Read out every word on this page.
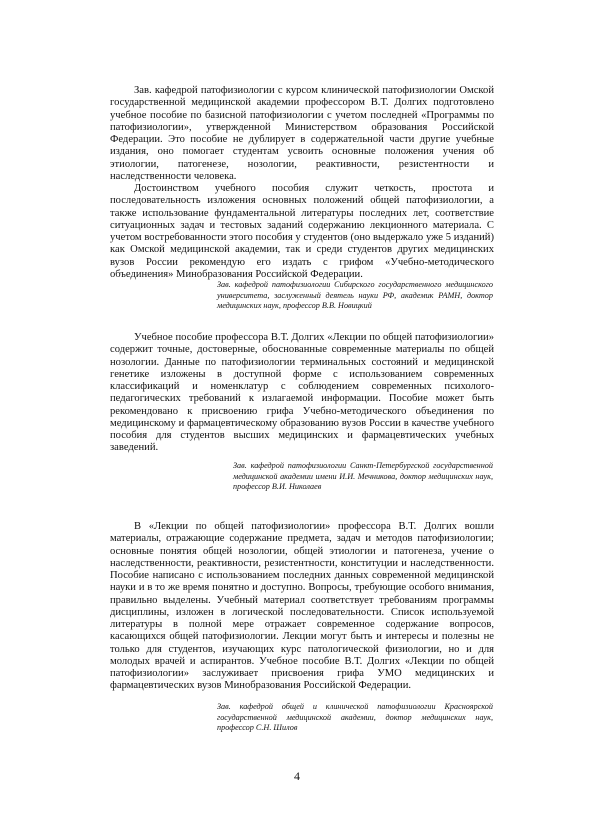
Зав. кафедрой патофизиологии с курсом клинической патофизиологии Омской государственной медицинской академии профессором В.Т. Долгих подготовлено учебное пособие по базисной патофизиологии с учетом последней «Программы по патофизиологии», утвержденной Министерством образования Российской Федерации. Это пособие не дублирует в содержательной части другие учебные издания, оно помогает студентам усвоить основные положения учения об этиологии, патогенезе, нозологии, реактивности, резистентности и наследственности человека.

Достоинством учебного пособия служит четкость, простота и последовательность изложения основных положений общей патофизиологии, а также использование фундаментальной литературы последних лет, соответствие ситуационных задач и тестовых заданий содержанию лекционного материала. С учетом востребованности этого пособия у студентов (оно выдержало уже 5 изданий) как Омской медицинской академии, так и среди студентов других медицинских вузов России рекомендую его издать с грифом «Учебно-методического объединения» Минобразования Российской Федерации.

Зав. кафедрой патофизиологии Сибирского государственного медицинского университета, заслуженный деятель науки РФ, академик РАМН, доктор медицинских наук, профессор В.В. Новицкий

Учебное пособие профессора В.Т. Долгих «Лекции по общей патофизиологии» содержит точные, достоверные, обоснованные современные материалы по общей нозологии. Данные по патофизиологии терминальных состояний и медицинской генетике изложены в доступной форме с использованием современных классификаций и номенклатур с соблюдением современных психолого-педагогических требований к излагаемой информации. Пособие может быть рекомендовано к присвоению грифа Учебно-методического объединения по медицинскому и фармацевтическому образованию вузов России в качестве учебного пособия для студентов высших медицинских и фармацевтических учебных заведений.

Зав. кафедрой патофизиологии Санкт-Петербургской государственной медицинской академии имени И.И. Мечникова, доктор медицинских наук, профессор В.И. Николаев

В «Лекции по общей патофизиологии» профессора В.Т. Долгих вошли материалы, отражающие содержание предмета, задач и методов патофизиологии; основные понятия общей нозологии, общей этиологии и патогенеза, учение о наследственности, реактивности, резистентности, конституции и наследственности. Пособие написано с использованием последних данных современной медицинской науки и в то же время понятно и доступно. Вопросы, требующие особого внимания, правильно выделены. Учебный материал соответствует требованиям программы дисциплины, изложен в логической последовательности. Список используемой литературы в полной мере отражает современное содержание вопросов, касающихся общей патофизиологии. Лекции могут быть и интересы и полезны не только для студентов, изучающих курс патологической физиологии, но и для молодых врачей и аспирантов. Учебное пособие В.Т. Долгих «Лекции по общей патофизиологии» заслуживает присвоения грифа УМО медицинских и фармацевтических вузов Минобразования Российской Федерации.

Зав. кафедрой общей и клинической патофизиологии Красноярской государственной медицинской академии, доктор медицинских наук, профессор С.Н. Шилов

4
